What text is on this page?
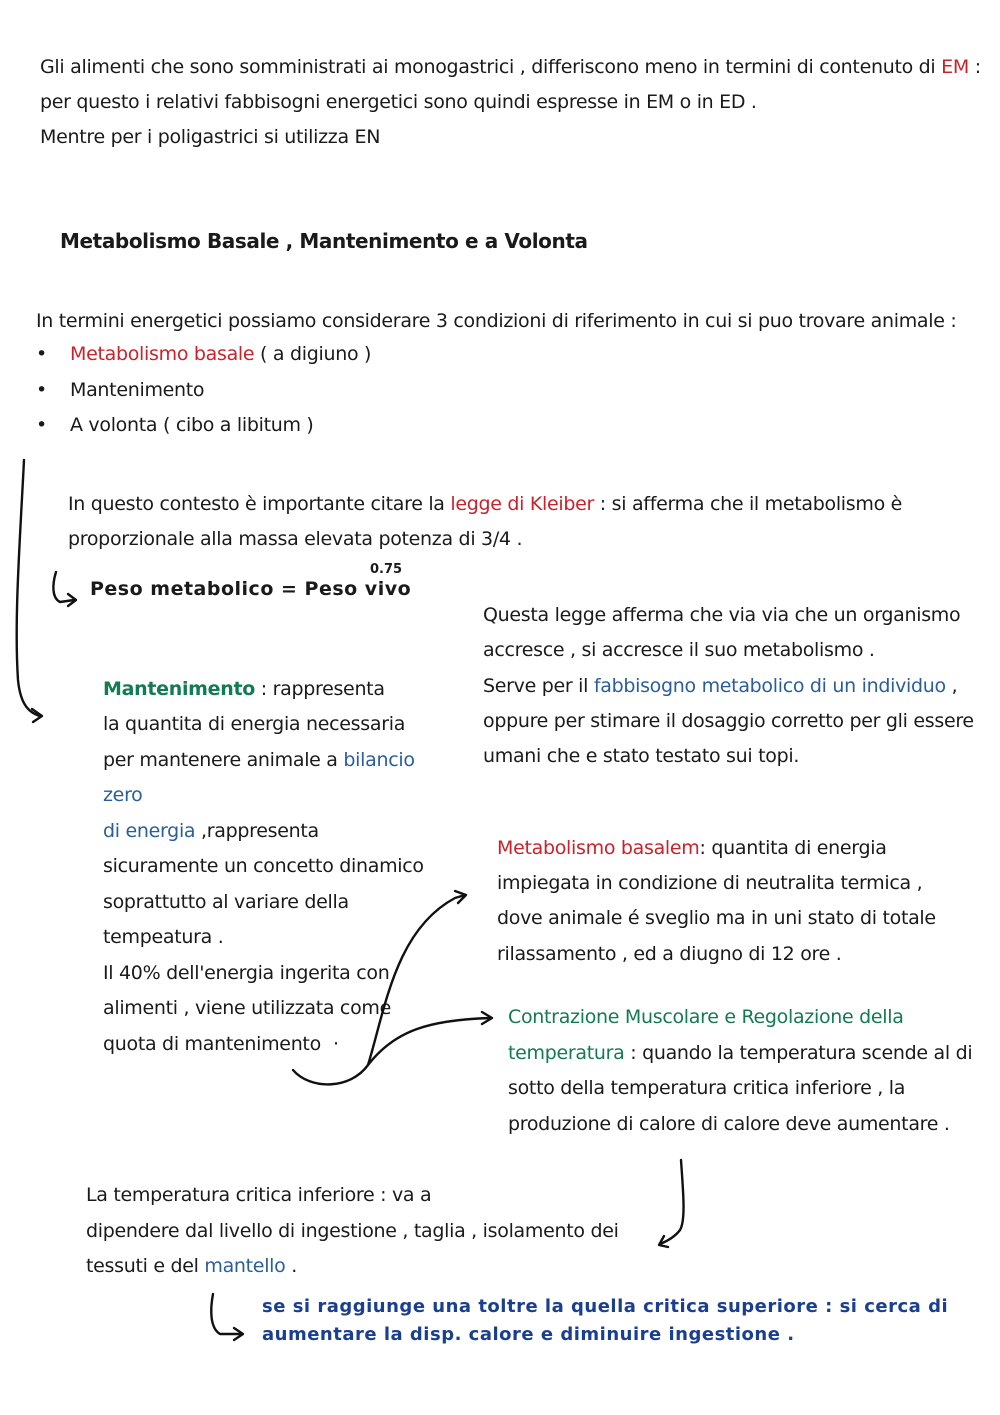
Gli alimenti che sono somministrati ai monogastrici , differiscono meno in termini di contenuto di EM :
per questo i relativi fabbisogni energetici sono quindi espresse in EM o in ED .
Mentre per i poligastrici si utilizza EN
Metabolismo Basale , Mantenimento e a Volonta
In termini energetici possiamo considerare 3 condizioni di riferimento in cui si puo trovare animale :
• Metabolismo basale ( a digiuno )
• Mantenimento
• A volonta ( cibo a libitum )
In questo contesto è importante citare la legge di Kleiber : si afferma che il metabolismo è
proporzionale alla massa elevata potenza di 3/4 .
Peso metabolico = Peso vivo
0.75
Questa legge afferma che via via che un organismo
accresce , si accresce il suo metabolismo .
Serve per il fabbisogno metabolico di un individuo ,
oppure per stimare il dosaggio corretto per gli essere
umani che e stato testato sui topi.
Mantenimento : rappresenta
la quantita di energia necessaria
per mantenere animale a bilancio
zero
di energia ,rappresenta
sicuramente un concetto dinamico
soprattutto al variare della
tempeatura .
Il 40% dell'energia ingerita con
alimenti , viene utilizzata come
quota di mantenimento ·
Metabolismo basalem: quantita di energia
impiegata in condizione di neutralita termica ,
dove animale é sveglio ma in uni stato di totale
rilassamento , ed a diugno di 12 ore .
Contrazione Muscolare e Regolazione della
temperatura : quando la temperatura scende al di
sotto della temperatura critica inferiore , la
produzione di calore di calore deve aumentare .
La temperatura critica inferiore : va a
dipendere dal livello di ingestione , taglia , isolamento dei
tessuti e del mantello .
se si raggiunge una toltre la quella critica superiore : si cerca di
aumentare la disp. calore e diminuire ingestione .
